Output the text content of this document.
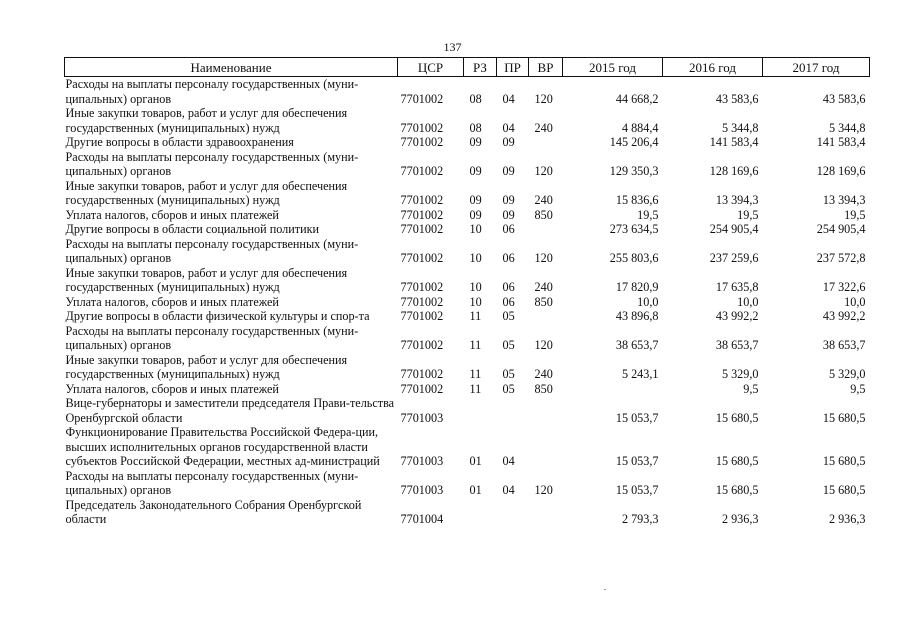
137
Наименование	ЦСР	РЗ	ПР	ВР	2015 год	2016 год	2017 год
Расходы на выплаты персоналу государственных (муни-ципальных) органов	7701002	08	04	120	44 668,2	43 583,6	43 583,6
Иные закупки товаров, работ и услуг для обеспечения государственных (муниципальных) нужд	7701002	08	04	240	4 884,4	5 344,8	5 344,8
Другие вопросы в области здравоохранения	7701002	09	09		145 206,4	141 583,4	141 583,4
Расходы на выплаты персоналу государственных (муни-ципальных) органов	7701002	09	09	120	129 350,3	128 169,6	128 169,6
Иные закупки товаров, работ и услуг для обеспечения государственных (муниципальных) нужд	7701002	09	09	240	15 836,6	13 394,3	13 394,3
Уплата налогов, сборов и иных платежей	7701002	09	09	850	19,5	19,5	19,5
Другие вопросы в области социальной политики	7701002	10	06		273 634,5	254 905,4	254 905,4
Расходы на выплаты персоналу государственных (муни-ципальных) органов	7701002	10	06	120	255 803,6	237 259,6	237 572,8
Иные закупки товаров, работ и услуг для обеспечения государственных (муниципальных) нужд	7701002	10	06	240	17 820,9	17 635,8	17 322,6
Уплата налогов, сборов и иных платежей	7701002	10	06	850	10,0	10,0	10,0
Другие вопросы в области физической культуры и спор-та	7701002	11	05		43 896,8	43 992,2	43 992,2
Расходы на выплаты персоналу государственных (муни-ципальных) органов	7701002	11	05	120	38 653,7	38 653,7	38 653,7
Иные закупки товаров, работ и услуг для обеспечения государственных (муниципальных) нужд	7701002	11	05	240	5 243,1	5 329,0	5 329,0
Уплата налогов, сборов и иных платежей	7701002	11	05	850		9,5	9,5
Вице-губернаторы и заместители председателя Прави-тельства Оренбургской области	7701003				15 053,7	15 680,5	15 680,5
Функционирование Правительства Российской Федера-ции, высших исполнительных органов государственной власти субъектов Российской Федерации, местных ад-министраций	7701003	01	04		15 053,7	15 680,5	15 680,5
Расходы на выплаты персоналу государственных (муни-ципальных) органов	7701003	01	04	120	15 053,7	15 680,5	15 680,5
Председатель Законодательного Собрания Оренбургской области	7701004				2 793,3	2 936,3	2 936,3
